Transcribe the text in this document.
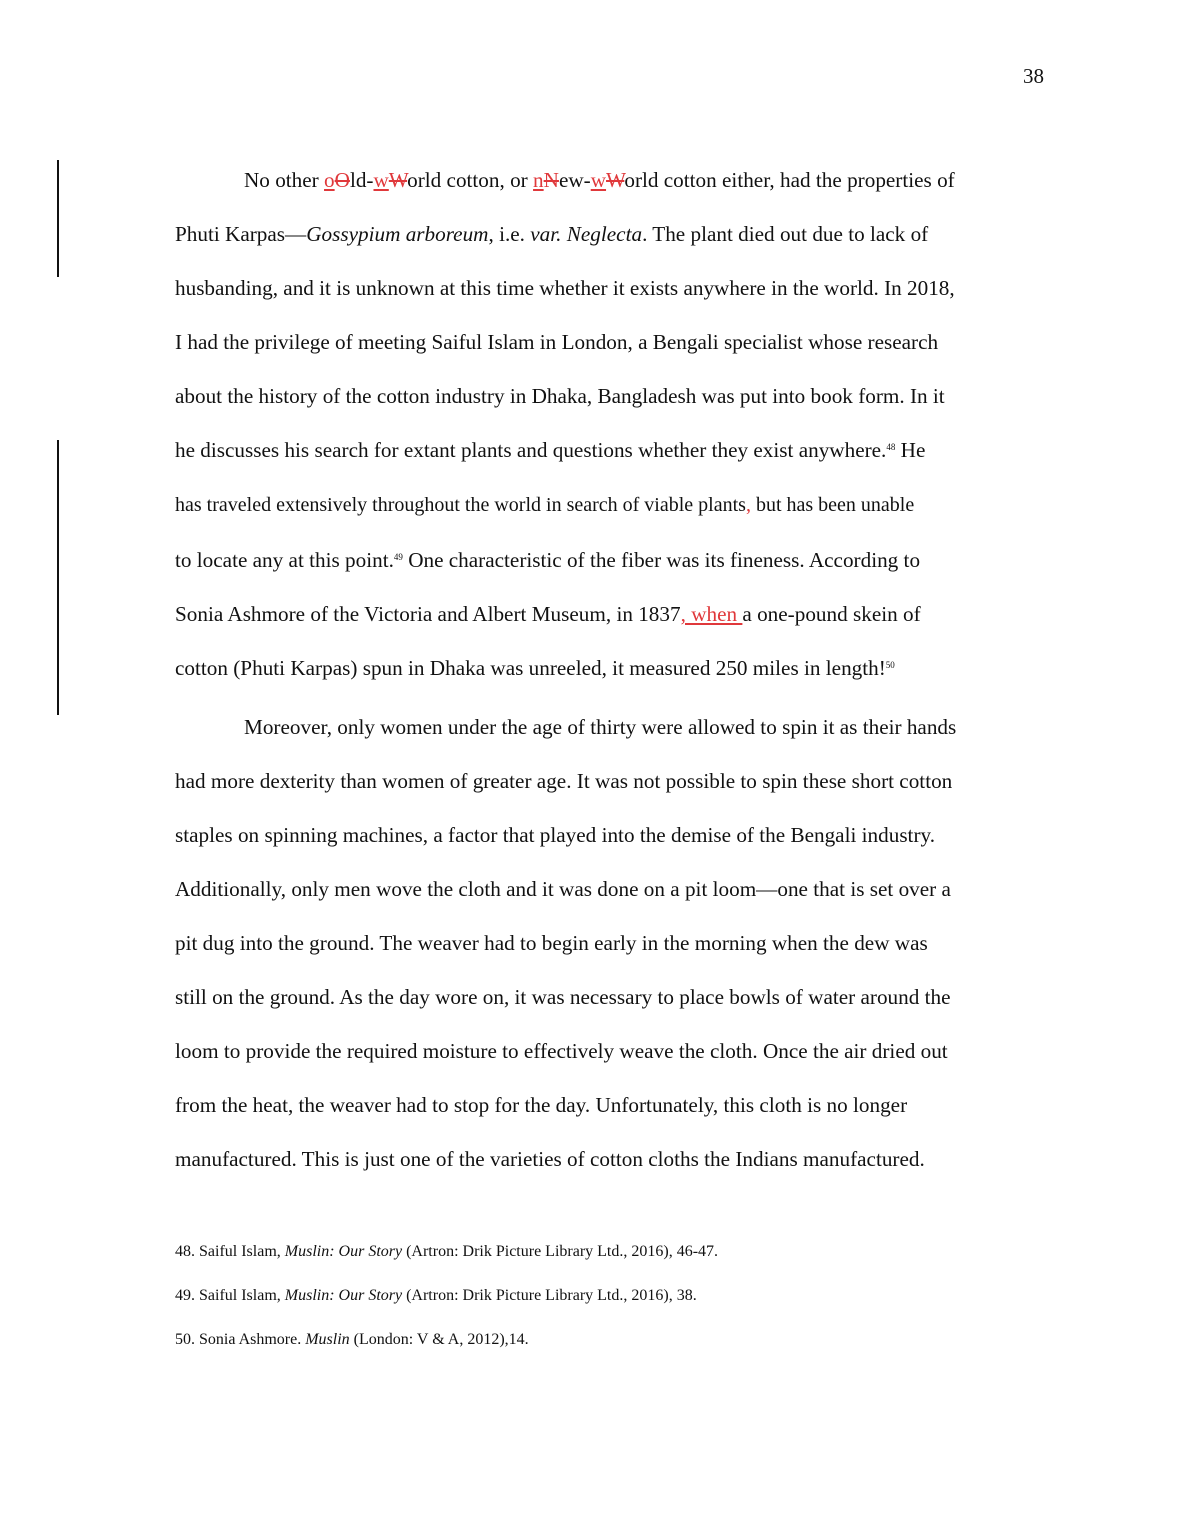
38
No other oOld-wWorld cotton, or nNew-wWorld cotton either, had the properties of
Phuti Karpas—Gossypium arboreum, i.e. var. Neglecta. The plant died out due to lack of
husbanding, and it is unknown at this time whether it exists anywhere in the world. In 2018,
I had the privilege of meeting Saiful Islam in London, a Bengali specialist whose research
about the history of the cotton industry in Dhaka, Bangladesh was put into book form. In it
he discusses his search for extant plants and questions whether they exist anywhere.$^{48}$ He
has traveled extensively throughout the world in search of viable plants, but has been unable
to locate any at this point.$^{49}$ One characteristic of the fiber was its fineness. According to
Sonia Ashmore of the Victoria and Albert Museum, in 1837, when a one-pound skein of
cotton (Phuti Karpas) spun in Dhaka was unreeled, it measured 250 miles in length!$^{50}$
Moreover, only women under the age of thirty were allowed to spin it as their hands
had more dexterity than women of greater age. It was not possible to spin these short cotton
staples on spinning machines, a factor that played into the demise of the Bengali industry.
Additionally, only men wove the cloth and it was done on a pit loom—one that is set over a
pit dug into the ground. The weaver had to begin early in the morning when the dew was
still on the ground. As the day wore on, it was necessary to place bowls of water around the
loom to provide the required moisture to effectively weave the cloth. Once the air dried out
from the heat, the weaver had to stop for the day. Unfortunately, this cloth is no longer
manufactured. This is just one of the varieties of cotton cloths the Indians manufactured.
48. Saiful Islam, Muslin: Our Story (Artron: Drik Picture Library Ltd., 2016), 46-47.
49. Saiful Islam, Muslin: Our Story (Artron: Drik Picture Library Ltd., 2016), 38.
50. Sonia Ashmore. Muslin (London: V & A, 2012),14.
